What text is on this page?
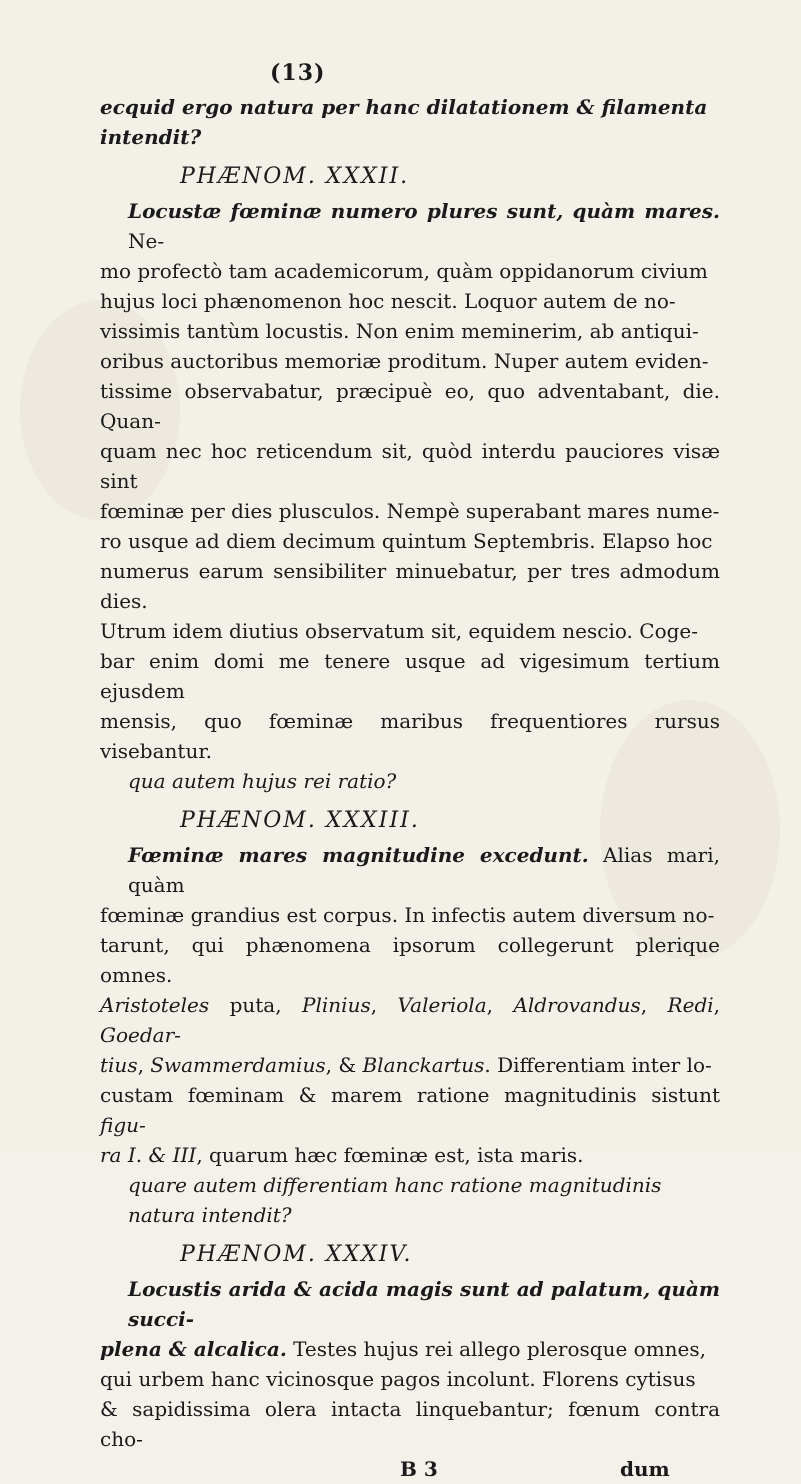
(13)

ecquid ergo natura per hanc dilatationem & filamenta

intendit?

PHÆNOM. XXXII.

Locustæ fœminæ numero plures sunt, quàm mares. Ne-

mo profectò tam academicorum, quàm oppidanorum civium

hujus loci phænomenon hoc nescit. Loquor autem de no-

vissimis tantùm locustis. Non enim meminerim, ab antiqui-

oribus auctoribus memoriæ proditum. Nuper autem eviden-

tissime observabatur, præcipuè eo, quo adventabant, die. Quan-

quam nec hoc reticendum sit, quòd interdu pauciores visæ sint

fœminæ per dies plusculos. Nempè superabant mares nume-

ro usque ad diem decimum quintum Septembris. Elapso hoc

numerus earum sensibiliter minuebatur, per tres admodum dies.

Utrum idem diutius observatum sit, equidem nescio. Coge-

bar enim domi me tenere usque ad vigesimum tertium ejusdem

mensis, quo fœminæ maribus frequentiores rursus visebantur.

qua autem hujus rei ratio?

PHÆNOM. XXXIII.

Fœminæ mares magnitudine excedunt. Alias mari, quàm

fœminæ grandius est corpus. In infectis autem diversum no-

tarunt, qui phænomena ipsorum collegerunt plerique omnes.

Aristoteles puta, Plinius, Valeriola, Aldrovandus, Redi, Goedar-

tius, Swammerdamius, & Blanckartus. Differentiam inter lo-

custam fœminam & marem ratione magnitudinis sistunt figu-

ra I. & III, quarum hæc fœminæ est, ista maris.

quare autem differentiam hanc ratione magnitudinis

natura intendit?

PHÆNOM. XXXIV.

Locustis arida & acida magis sunt ad palatum, quàm succi-

plena & alcalica. Testes hujus rei allego plerosque omnes,

qui urbem hanc vicinosque pagos incolunt. Florens cytisus

& sapidissima olera intacta linquebantur; fœnum contra cho-

B 3	dum
